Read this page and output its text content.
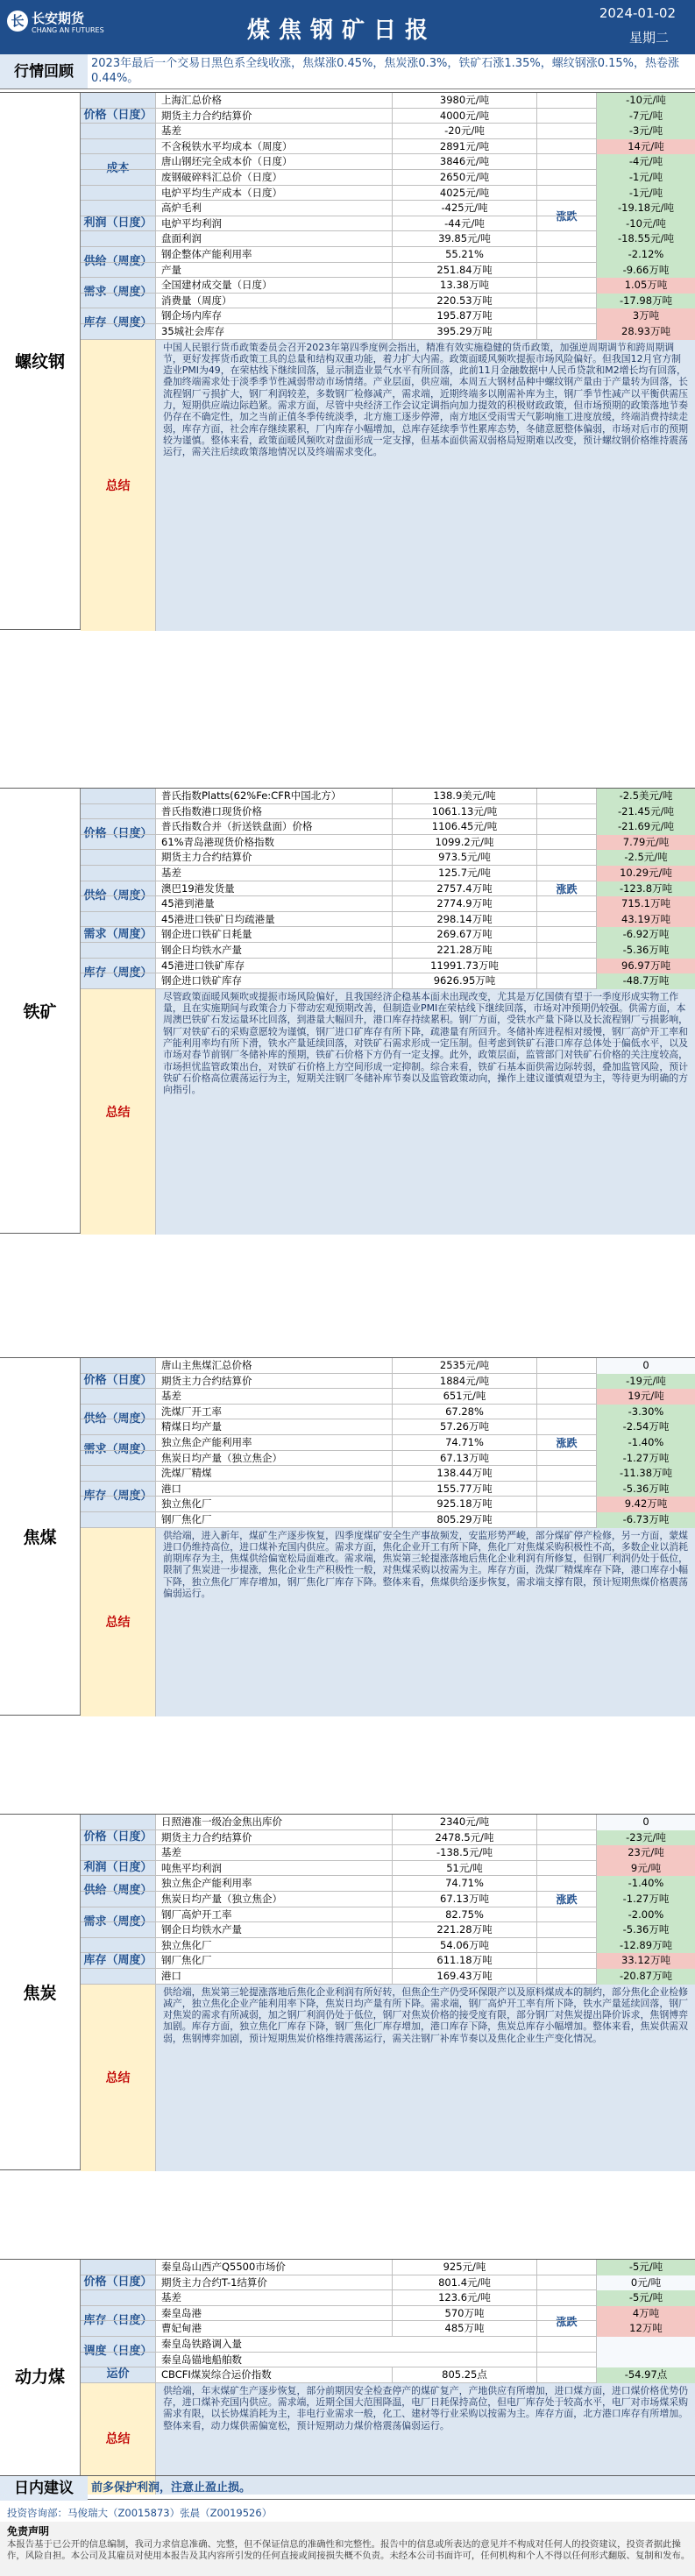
长 长安期货
CHANG AN FUTURES	煤焦钢矿日报
2024-01-02
星期二
行情回顾	2023年最后一个交易日黑色系全线收涨，焦煤涨0.45%，焦炭涨0.3%，铁矿石涨1.35%，螺纹钢涨0.15%，热卷涨0.44%。
螺纹钢
涨跌
价格（日度）
上海汇总价格	3980元/吨	-10元/吨
期货主力合约结算价	4000元/吨	-7元/吨
基差	-20元/吨	-3元/吨
成本
不含税铁水平均成本（周度）	2891元/吨	14元/吨
唐山钢坯完全成本价（日度）	3846元/吨	-4元/吨
废钢破碎料汇总价（日度）	2650元/吨	-1元/吨
电炉平均生产成本（日度）	4025元/吨	-1元/吨
利润（日度）
高炉毛利	-425元/吨	-19.18元/吨
电炉平均利润	-44元/吨	-10元/吨
盘面利润	39.85元/吨	-18.55元/吨
供给（周度）
钢企整体产能利用率	55.21%	-2.12%
产量	251.84万吨	-9.66万吨
需求（周度）
全国建材成交量（日度）	13.38万吨	1.05万吨
消费量（周度）	220.53万吨	-17.98万吨
库存（周度）
钢企场内库存	195.87万吨	3万吨
35城社会库存	395.29万吨	28.93万吨
总结
中国人民银行货币政策委员会召开2023年第四季度例会指出，精准有效实施稳健的货币政策，加强逆周期调节和跨周期调节，更好发挥货币政策工具的总量和结构双重功能，着力扩大内需。政策面暖风频吹提振市场风险偏好。但我国12月官方制造业PMI为49，在荣枯线下继续回落，显示制造业景气水平有所回落，此前11月金融数据中人民币贷款和M2增长均有回落，叠加终端需求处于淡季季节性减弱带动市场情绪。产业层面，供应端，本周五大钢材品种中螺纹钢产量由于产量转为回落，长流程钢厂亏损扩大，钢厂利润较差，多数钢厂检修减产，需求端，近期终端多以刚需补库为主，钢厂季节性减产以平衡供需压力，短期供应端边际趋紧。需求方面，尽管中央经济工作会议定调指向加力提效的积极财政政策，但市场预期的政策落地节奏仍存在不确定性，加之当前正值冬季传统淡季，北方施工逐步停滞，南方地区受雨雪天气影响施工进度放缓，终端消费持续走弱，库存方面，社会库存继续累积，厂内库存小幅增加，总库存延续季节性累库态势，冬储意愿整体偏弱，市场对后市的预期较为谨慎。整体来看，政策面暖风频吹对盘面形成一定支撑，但基本面供需双弱格局短期难以改变，预计螺纹钢价格维持震荡运行，需关注后续政策落地情况以及终端需求变化。
铁矿
涨跌
价格（日度）
普氏指数Platts(62%Fe:CFR中国北方）	138.9美元/吨	-2.5美元/吨
普氏指数港口现货价格	1061.13元/吨	-21.45元/吨
普氏指数合并（折送铁盘面）价格	1106.45元/吨	-21.69元/吨
61%青岛港现货价格指数	1099.2元/吨	7.79元/吨
期货主力合约结算价	973.5元/吨	-2.5元/吨
基差	125.7元/吨	10.29元/吨
供给（周度）
澳巴19港发货量	2757.4万吨	-123.8万吨
45港到港量	2774.9万吨	715.1万吨
需求（周度）
45港进口铁矿日均疏港量	298.14万吨	43.19万吨
钢企进口铁矿日耗量	269.67万吨	-6.92万吨
钢企日均铁水产量	221.28万吨	-5.36万吨
库存（周度）
45港进口铁矿库存	11991.73万吨	96.97万吨
钢企进口铁矿库存	9626.95万吨	-48.7万吨
总结
尽管政策面暖风频吹或提振市场风险偏好，且我国经济企稳基本面未出现改变，尤其是万亿国债有望于一季度形成实物工作量，且在实施期间与政策合力下带动宏观预期改善，但制造业PMI在荣枯线下继续回落，市场对冲预期仍较强。供需方面，本周澳巴铁矿石发运量环比回落，到港量大幅回升，港口库存持续累积。钢厂方面，受铁水产量下降以及长流程钢厂亏损影响，钢厂对铁矿石的采购意愿较为谨慎，钢厂进口矿库存有所下降，疏港量有所回升。冬储补库进程相对缓慢，钢厂高炉开工率和产能利用率均有所下滑，铁水产量延续回落，对铁矿石需求形成一定压制。但考虑到铁矿石港口库存总体处于偏低水平，以及市场对春节前钢厂冬储补库的预期，铁矿石价格下方仍有一定支撑。此外，政策层面，监管部门对铁矿石价格的关注度较高，市场担忧监管政策出台，对铁矿石价格上方空间形成一定抑制。综合来看，铁矿石基本面供需边际转弱，叠加监管风险，预计铁矿石价格高位震荡运行为主，短期关注钢厂冬储补库节奏以及监管政策动向，操作上建议谨慎观望为主，等待更为明确的方向指引。
焦煤
涨跌
价格（日度）
唐山主焦煤汇总价格	2535元/吨	0
期货主力合约结算价	1884元/吨	-19元/吨
基差	651元/吨	19元/吨
供给（周度）
洗煤厂开工率	67.28%	-3.30%
精煤日均产量	57.26万吨	-2.54万吨
需求（周度）
独立焦企产能利用率	74.71%	-1.40%
焦炭日均产量（独立焦企）	67.13万吨	-1.27万吨
库存（周度）
洗煤厂精煤	138.44万吨	-11.38万吨
港口	155.77万吨	-5.36万吨
独立焦化厂	925.18万吨	9.42万吨
钢厂焦化厂	805.29万吨	-6.73万吨
总结
供给端，进入新年，煤矿生产逐步恢复，四季度煤矿安全生产事故频发，安监形势严峻，部分煤矿停产检修，另一方面，蒙煤进口仍维持高位，进口煤补充国内供应。需求方面，焦化企业开工有所下降，焦化厂对焦煤采购积极性不高，多数企业以消耗前期库存为主，焦煤供给偏宽松局面难改。需求端，焦炭第三轮提涨落地后焦化企业利润有所修复，但钢厂利润仍处于低位，限制了焦炭进一步提涨，焦化企业生产积极性一般，对焦煤采购以按需为主。库存方面，洗煤厂精煤库存下降，港口库存小幅下降，独立焦化厂库存增加，钢厂焦化厂库存下降。整体来看，焦煤供给逐步恢复，需求端支撑有限，预计短期焦煤价格震荡偏弱运行。
焦炭
涨跌
价格（日度）
日照港准一级冶金焦出库价	2340元/吨	0
期货主力合约结算价	2478.5元/吨	-23元/吨
基差	-138.5元/吨	23元/吨
利润（日度） 吨焦平均利润	51元/吨	9元/吨
供给（周度）
独立焦企产能利用率	74.71%	-1.40%
焦炭日均产量（独立焦企）	67.13万吨	-1.27万吨
需求（周度）
钢厂高炉开工率	82.75%	-2.00%
钢企日均铁水产量	221.28万吨	-5.36万吨
库存（周度）
独立焦化厂	54.06万吨	-12.89万吨
钢厂焦化厂	611.18万吨	33.12万吨
港口	169.43万吨	-20.87万吨
总结
供给端，焦炭第三轮提涨落地后焦化企业利润有所好转，但焦企生产仍受环保限产以及原料煤成本的制约，部分焦化企业检修减产，独立焦化企业产能利用率下降，焦炭日均产量有所下降。需求端，钢厂高炉开工率有所下降，铁水产量延续回落，钢厂对焦炭的需求有所减弱，加之钢厂利润仍处于低位，钢厂对焦炭价格的接受度有限，部分钢厂对焦炭提出降价诉求，焦钢博弈加剧。库存方面，独立焦化厂库存下降，钢厂焦化厂库存增加，港口库存下降，焦炭总库存小幅增加。整体来看，焦炭供需双弱，焦钢博弈加剧，预计短期焦炭价格维持震荡运行，需关注钢厂补库节奏以及焦化企业生产变化情况。
动力煤
涨跌
价格（日度）
秦皇岛山西产Q5500市场价	925元/吨	-5元/吨
期货主力合约T-1结算价	801.4元/吨	0元/吨
基差	123.6元/吨	-5元/吨
库存（日度）
秦皇岛港	570万吨	4万吨
曹妃甸港	485万吨	12万吨
调度（日度）
秦皇岛铁路调入量
秦皇岛锚地船舶数
运价	CBCFI煤炭综合运价指数	805.25点	-54.97点
总结
供给端，年末煤矿生产逐步恢复，部分前期因安全检查停产的煤矿复产，产地供应有所增加，进口煤方面，进口煤价格优势仍存，进口煤补充国内供应。需求端，近期全国大范围降温，电厂日耗保持高位，但电厂库存处于较高水平，电厂对市场煤采购需求有限，以长协煤消耗为主，非电行业需求一般，化工、建材等行业采购以按需为主。库存方面，北方港口库存有所增加。整体来看，动力煤供需偏宽松，预计短期动力煤价格震荡偏弱运行。
日内建议	前多保护利润，注意止盈止损。
投资咨询部：马俊瑞大（Z0015873）张晨（Z0019526）
免责声明
本报告基于已公开的信息编制，我司力求信息准确、完整，但不保证信息的准确性和完整性。报告中的信息或所表达的意见并不构成对任何人的投资建议，投资者据此操作，风险自担。本公司及其雇员对使用本报告及其内容所引发的任何直接或间接损失概不负责。未经本公司书面许可，任何机构和个人不得以任何形式翻版、复制和发布。
